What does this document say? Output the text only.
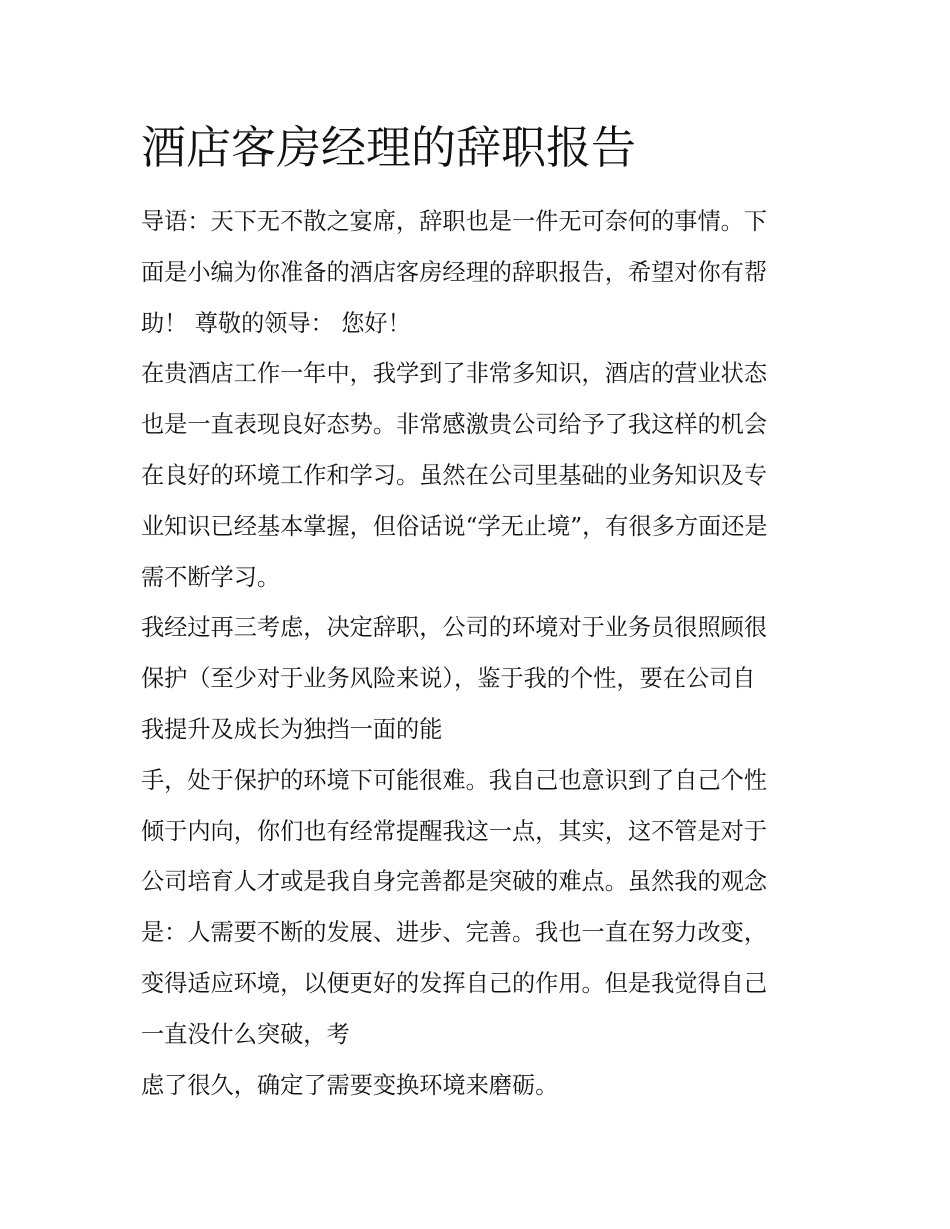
酒店客房经理的辞职报告

导语：天下无不散之宴席，辞职也是一件无可奈何的事情。下

面是小编为你准备的酒店客房经理的辞职报告，希望对你有帮

助！ 尊敬的领导： 您好！

在贵酒店工作一年中，我学到了非常多知识，酒店的营业状态

也是一直表现良好态势。非常感激贵公司给予了我这样的机会

在良好的环境工作和学习。虽然在公司里基础的业务知识及专

业知识已经基本掌握，但俗话说“学无止境”，有很多方面还是

需不断学习。

我经过再三考虑，决定辞职，公司的环境对于业务员很照顾很

保护（至少对于业务风险来说），鉴于我的个性，要在公司自

我提升及成长为独挡一面的能

手，处于保护的环境下可能很难。我自己也意识到了自己个性

倾于内向，你们也有经常提醒我这一点，其实，这不管是对于

公司培育人才或是我自身完善都是突破的难点。虽然我的观念

是：人需要不断的发展、进步、完善。我也一直在努力改变，

变得适应环境，以便更好的发挥自己的作用。但是我觉得自己

一直没什么突破，考

虑了很久，确定了需要变换环境来磨砺。
